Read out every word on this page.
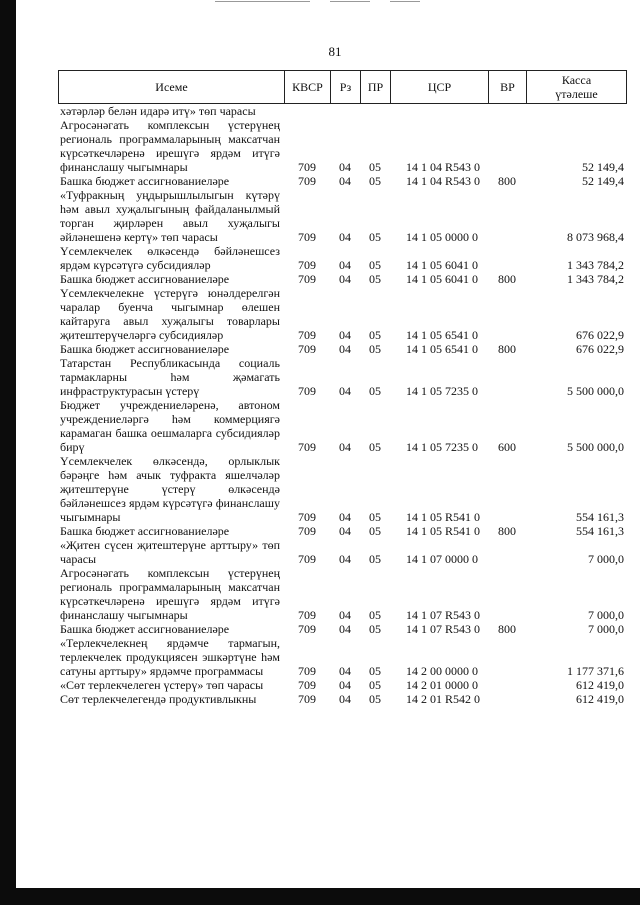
81
Исеме	КВСР	Рз	ПР	ЦСР	ВР	Касса үтәлеше
хәтәрләр белән идарә итү» төп чарасы						
Агросәнәгать комплексын үстерүнең региональ программаларының максатчан күрсәткечләренә ирешүгә ярдәм итүгә финанслашу чыгымнары	709	04	05	14 1 04 R543 0		52 149,4
Башка бюджет ассигнованиеләре	709	04	05	14 1 04 R543 0	800	52 149,4
«Туфракның уңдырышлылыгын күтәрү һәм авыл хуҗалыгының файдаланылмый торган җирләрен авыл хуҗалыгы әйләнешенә кертү» төп чарасы	709	04	05	14 1 05 0000 0		8 073 968,4
Үсемлекчелек өлкәсендә бәйләнешсез ярдәм күрсәтүгә субсидияләр	709	04	05	14 1 05 6041 0		1 343 784,2
Башка бюджет ассигнованиеләре	709	04	05	14 1 05 6041 0	800	1 343 784,2
Үсемлекчелекне үстерүгә юнәлдерелгән чаралар буенча чыгымнар өлешен кайтаруга авыл хуҗалыгы товарлары җитештерүчеләргә субсидияләр	709	04	05	14 1 05 6541 0		676 022,9
Башка бюджет ассигнованиеләре	709	04	05	14 1 05 6541 0	800	676 022,9
Татарстан Республикасында социаль тармакларны һәм җәмагать инфраструктурасын үстерү	709	04	05	14 1 05 7235 0		5 500 000,0
Бюджет учреждениеләренә, автоном учреждениеләргә һәм коммерциягә карамаган башка оешмаларга субсидияләр бирү	709	04	05	14 1 05 7235 0	600	5 500 000,0
Үсемлекчелек өлкәсендә, орлыклык бәрәңге һәм ачык туфракта яшелчәләр җитештерүне үстерү өлкәсендә бәйләнешсез ярдәм күрсәтүгә финанслашу чыгымнары	709	04	05	14 1 05 R541 0		554 161,3
Башка бюджет ассигнованиеләре	709	04	05	14 1 05 R541 0	800	554 161,3
«Җитен сүсен җитештерүне арттыру» төп чарасы	709	04	05	14 1 07 0000 0		7 000,0
Агросәнәгать комплексын үстерүнең региональ программаларының максатчан күрсәткечләренә ирешүгә ярдәм итүгә финанслашу чыгымнары	709	04	05	14 1 07 R543 0		7 000,0
Башка бюджет ассигнованиеләре	709	04	05	14 1 07 R543 0	800	7 000,0
«Терлекчелекнең ярдәмче тармагын, терлекчелек продукциясен эшкәртүне һәм сатуны арттыру» ярдәмче программасы	709	04	05	14 2 00 0000 0		1 177 371,6
«Сөт терлекчелеген үстерү» төп чарасы	709	04	05	14 2 01 0000 0		612 419,0
Сөт терлекчелегендә продуктивлыкны	709	04	05	14 2 01 R542 0		612 419,0
